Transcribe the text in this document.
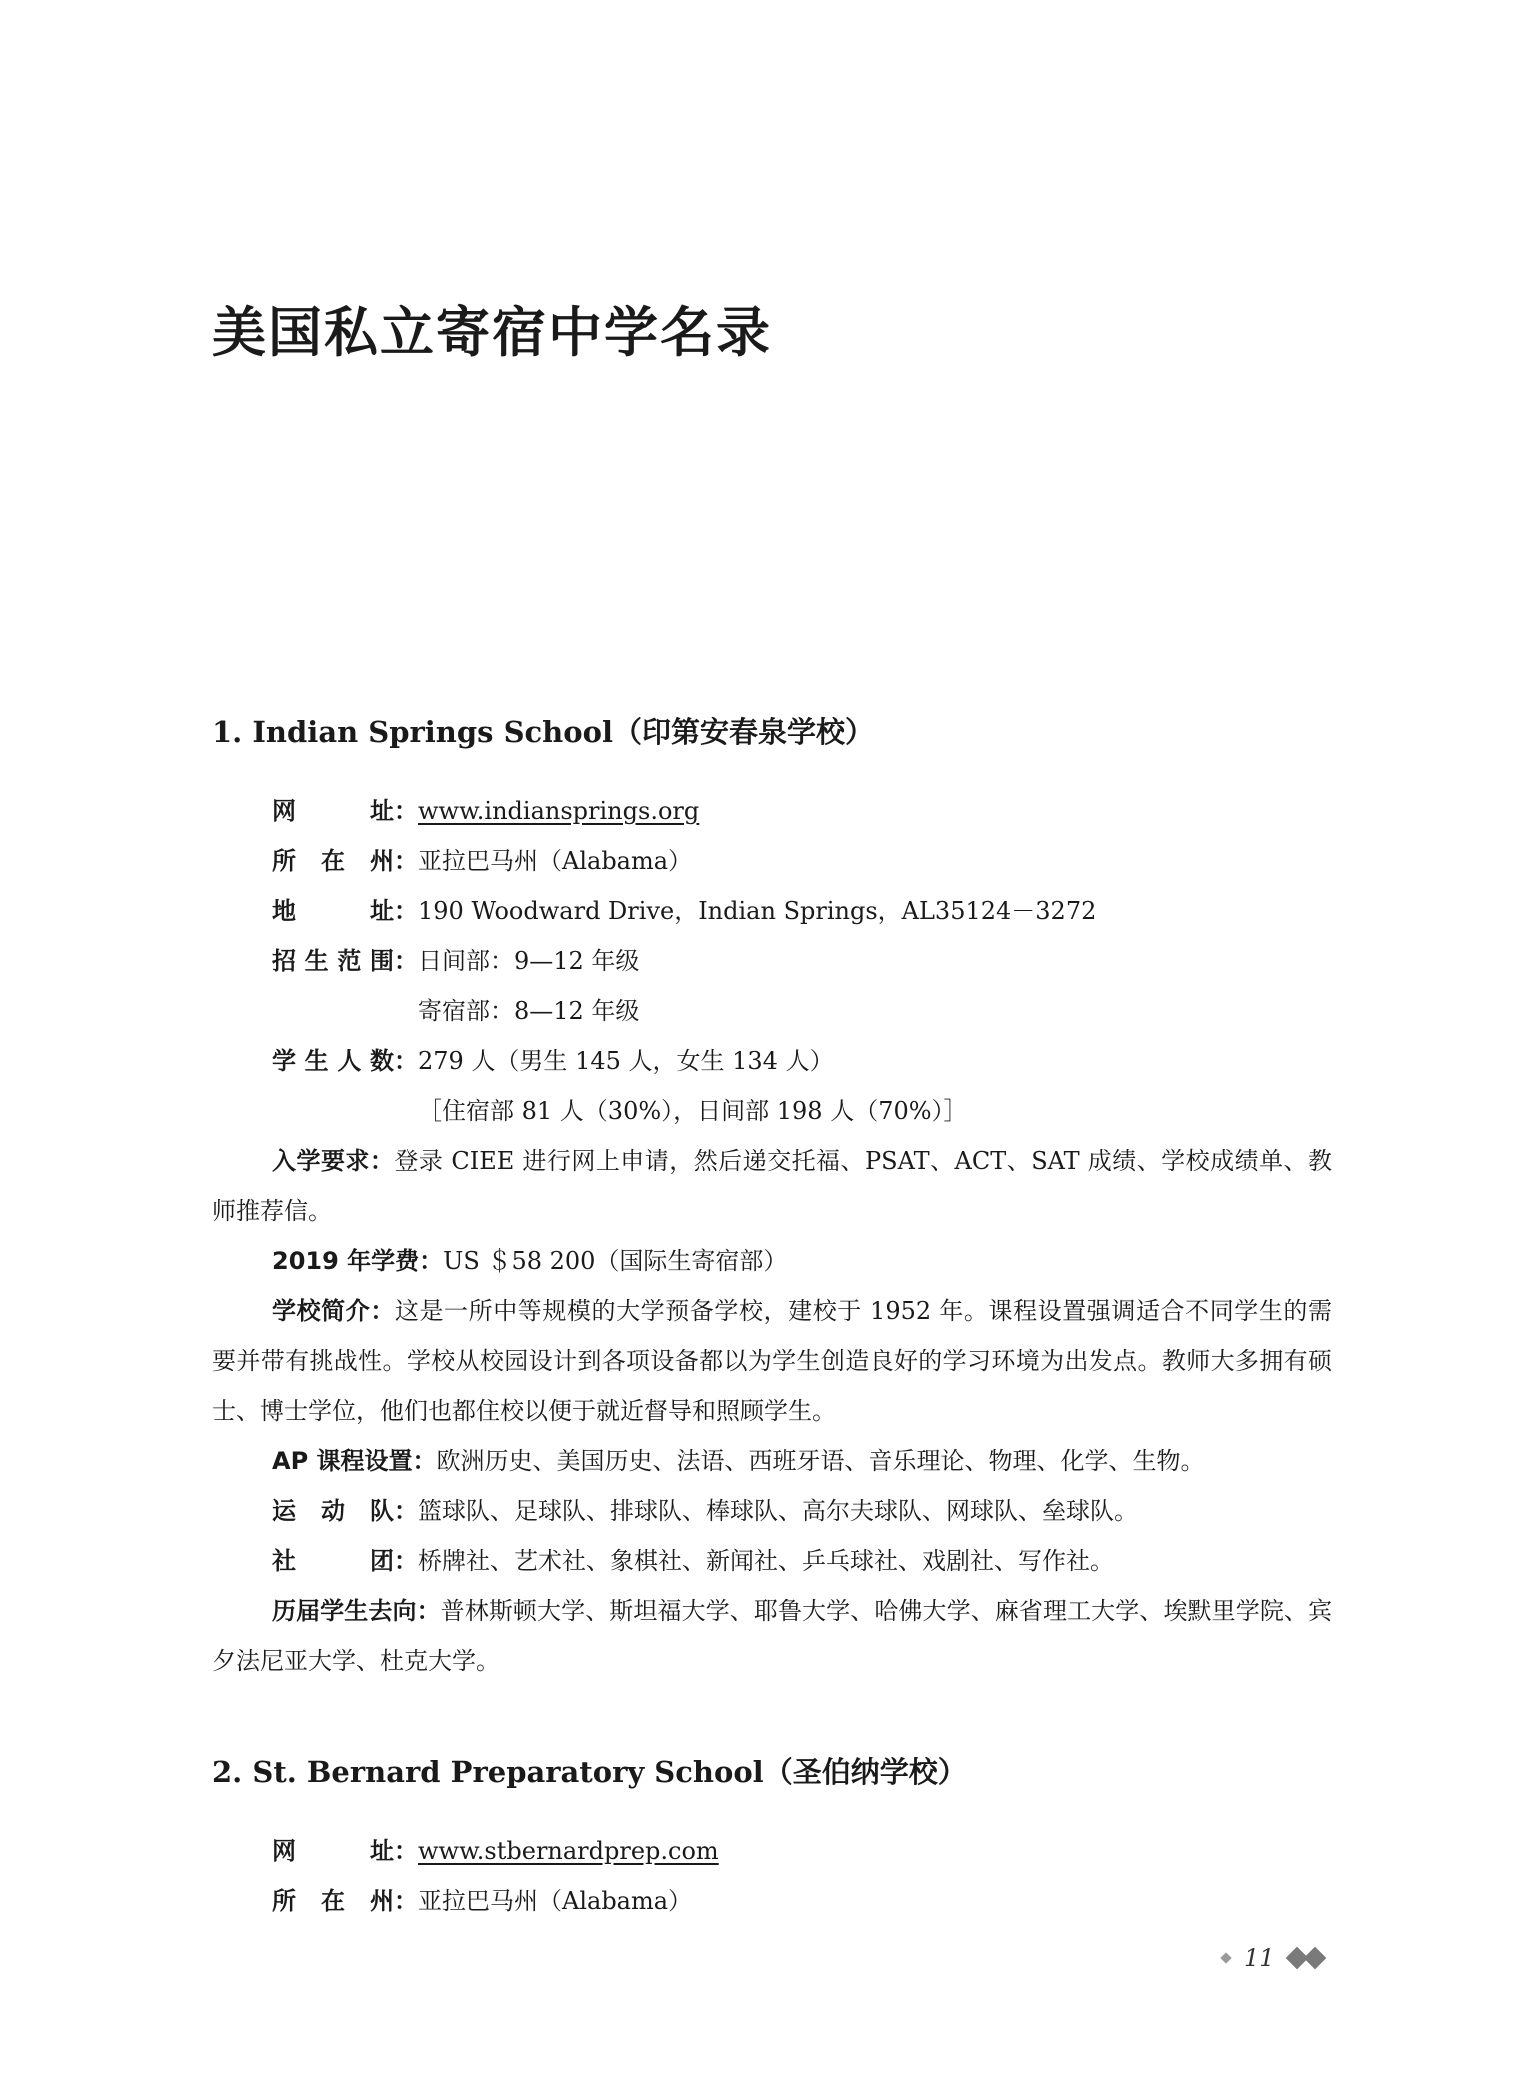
美国私立寄宿中学名录
1. Indian Springs School（印第安春泉学校）
网　　址 ： www.indiansprings.org
所 在 州 ： 亚拉巴马州（Alabama）
地　　址 ： 190 Woodward Drive，Indian Springs，AL35124－3272
招生范围 ： 日间部：9—12 年级
寄宿部：8—12 年级
学生人数 ： 279 人（男生 145 人，女生 134 人）
［住宿部 81 人（30%），日间部 198 人（70%）］

入学要求：登录 CIEE 进行网上申请，然后递交托福、PSAT、ACT、SAT 成绩、学校成绩单、教师推荐信。

2019 年学费：US ＄58 200（国际生寄宿部）

学校简介：这是一所中等规模的大学预备学校，建校于 1952 年。课程设置强调适合不同学生的需要并带有挑战性。学校从校园设计到各项设备都以为学生创造良好的学习环境为出发点。教师大多拥有硕士、博士学位，他们也都住校以便于就近督导和照顾学生。

AP 课程设置：欧洲历史、美国历史、法语、西班牙语、音乐理论、物理、化学、生物。

运 动 队 ： 篮球队、足球队、排球队、棒球队、高尔夫球队、网球队、垒球队。
社　　团 ： 桥牌社、艺术社、象棋社、新闻社、乒乓球社、戏剧社、写作社。

历届学生去向：普林斯顿大学、斯坦福大学、耶鲁大学、哈佛大学、麻省理工大学、埃默里学院、宾夕法尼亚大学、杜克大学。

2. St. Bernard Preparatory School（圣伯纳学校）
网　　址 ： www.stbernardprep.com
所 在 州 ： 亚拉巴马州（Alabama）
11
